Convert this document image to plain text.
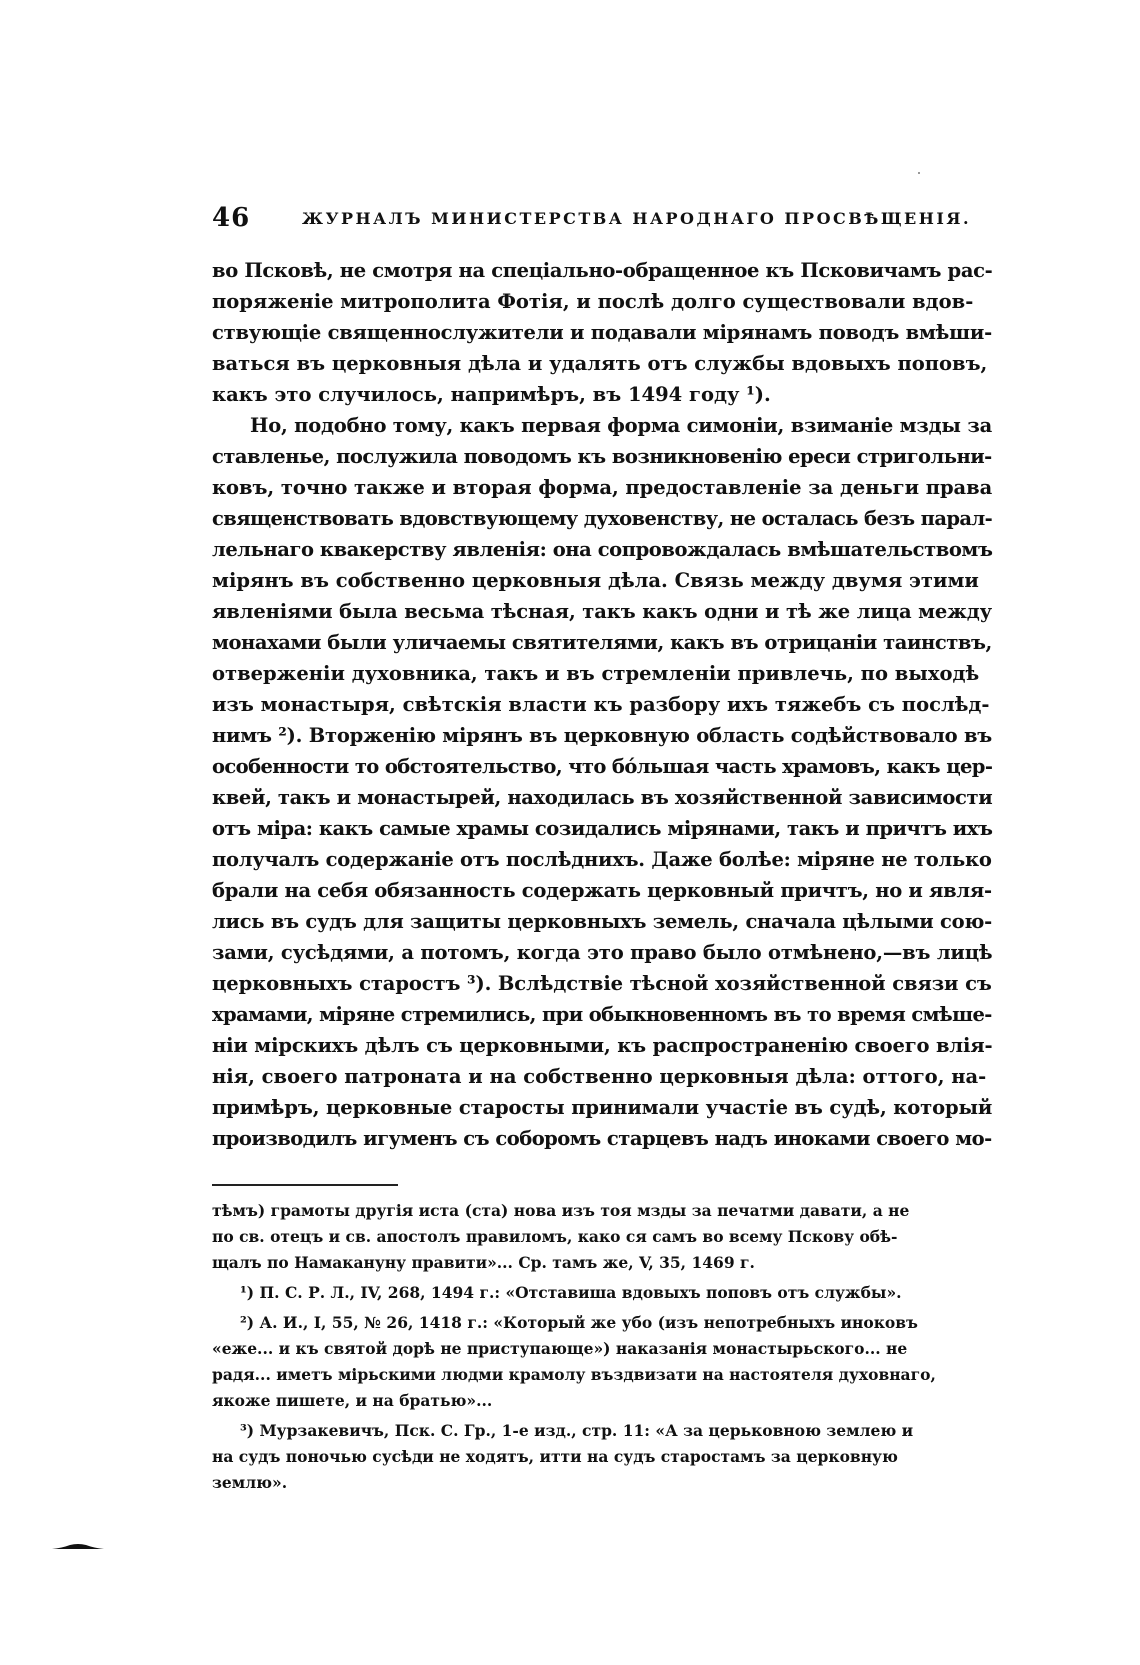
46	ЖУРНАЛЪ МИНИСТЕРСТВА НАРОДНАГО ПРОСВѢЩЕНІЯ.
во Псковѣ, не смотря на спеціально-обращенное къ Псковичамъ рас-
поряженіе митрополита Фотія, и послѣ долго существовали вдов-
ствующіе священнослужители и подавали мірянамъ поводъ вмѣши-
ваться въ церковныя дѣла и удалять отъ службы вдовыхъ поповъ,
какъ это случилось, напримѣръ, въ 1494 году ¹).
Но, подобно тому, какъ первая форма симоніи, взиманіе мзды за
ставленье, послужила поводомъ къ возникновенію ереси стригольни-
ковъ, точно также и вторая форма, предоставленіе за деньги права
священствовать вдовствующему духовенству, не осталась безъ парал-
лельнаго квакерству явленія: она сопровождалась вмѣшательствомъ
мірянъ въ собственно церковныя дѣла. Связь между двумя этими
явленіями была весьма тѣсная, такъ какъ одни и тѣ же лица между
монахами были уличаемы святителями, какъ въ отрицаніи таинствъ,
отверженіи духовника, такъ и въ стремленіи привлечь, по выходѣ
изъ монастыря, свѣтскія власти къ разбору ихъ тяжебъ съ послѣд-
нимъ ²). Вторженію мірянъ въ церковную область содѣйствовало въ
особенности то обстоятельство, что бо́льшая часть храмовъ, какъ цер-
квей, такъ и монастырей, находилась въ хозяйственной зависимости
отъ міра: какъ самые храмы созидались мірянами, такъ и причтъ ихъ
получалъ содержаніе отъ послѣднихъ. Даже болѣе: міряне не только
брали на себя обязанность содержать церковный причтъ, но и явля-
лись въ судъ для защиты церковныхъ земель, сначала цѣлыми сою-
зами, сусѣдями, а потомъ, когда это право было отмѣнено,—въ лицѣ
церковныхъ старостъ ³). Вслѣдствіе тѣсной хозяйственной связи съ
храмами, міряне стремились, при обыкновенномъ въ то время смѣше-
ніи мірскихъ дѣлъ съ церковными, къ распространенію своего влія-
нія, своего патроната и на собственно церковныя дѣла: оттого, на-
примѣръ, церковные старосты принимали участіе въ судѣ, который
производилъ игуменъ съ соборомъ старцевъ надъ иноками своего мо-
тѣмъ) грамоты другія иста (ста) нова изъ тоя мзды за печатми давати, а не
по св. отецъ и св. апостолъ правиломъ, како ся самъ во всему Пскову обѣ-
щалъ по Намакануну правити»... Ср. тамъ же, V, 35, 1469 г.
¹) П. С. Р. Л., IV, 268, 1494 г.: «Отставиша вдовыхъ поповъ отъ службы».
²) А. И., I, 55, № 26, 1418 г.: «Который же убо (изъ непотребныхъ иноковъ
«еже... и къ святой дорѣ не приступающе») наказанія монастырьского... не
радя... иметъ мірьскими людми крамолу въздвизати на настоятеля духовнаго,
якоже пишете, и на братью»...
³) Мурзакевичъ, Пск. С. Гр., 1-е изд., стр. 11: «А за церьковною землею и
на судъ поночью сусѣди не ходятъ, итти на судъ старостамъ за церковную
землю».
